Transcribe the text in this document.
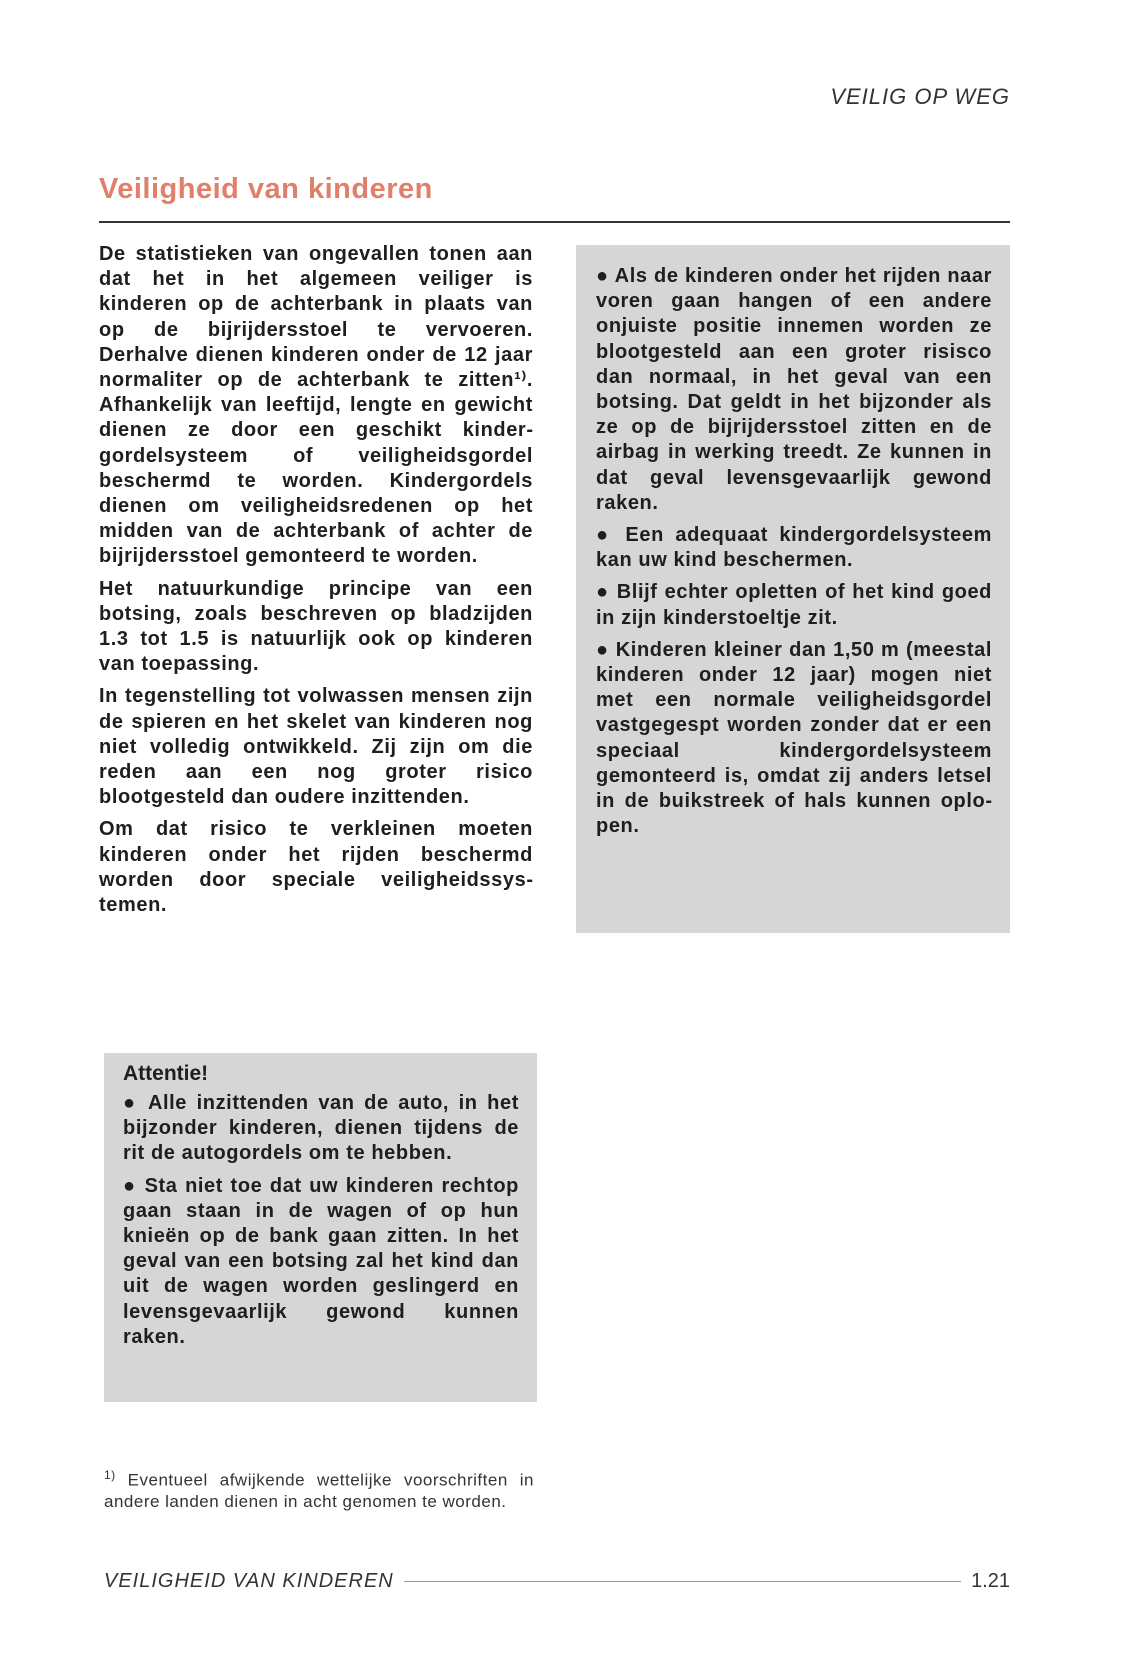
VEILIG OP WEG
Veiligheid van kinderen

De statistieken van ongevallen tonen aan dat het in het algemeen veiliger is kinderen op de achterbank in plaats van op de bijrijdersstoel te vervoeren. Derhalve dienen kinderen onder de 12 jaar normaliter op de achterbank te zitten¹⁾. Afhankelijk van leeftijd, lengte en gewicht dienen ze door een geschikt kindergordelsysteem of veiligheidsgordel beschermd te worden. Kindergordels dienen om veiligheidsredenen op het midden van de achterbank of achter de bijrijdersstoel gemonteerd te worden.

Het natuurkundige principe van een botsing, zoals beschreven op bladzijden 1.3 tot 1.5 is natuurlijk ook op kinderen van toepassing.

In tegenstelling tot volwassen mensen zijn de spieren en het skelet van kinderen nog niet volledig ontwikkeld. Zij zijn om die reden aan een nog groter risico blootgesteld dan oudere inzittenden.

Om dat risico te verkleinen moeten kinderen onder het rijden beschermd worden door speciale veiligheidssystemen.

Attentie!

● Alle inzittenden van de auto, in het bijzonder kinderen, dienen tijdens de rit de autogordels om te hebben.

● Sta niet toe dat uw kinderen rechtop gaan staan in de wagen of op hun knieën op de bank gaan zitten. In het geval van een botsing zal het kind dan uit de wagen worden geslingerd en levensgevaarlijk gewond kunnen raken.

● Als de kinderen onder het rijden naar voren gaan hangen of een andere onjuiste positie innemen worden ze blootgesteld aan een groter risisco dan normaal, in het geval van een botsing. Dat geldt in het bijzonder als ze op de bijrijdersstoel zitten en de airbag in werking treedt. Ze kunnen in dat geval levensgevaarlijk gewond raken.

● Een adequaat kindergordelsysteem kan uw kind beschermen.

● Blijf echter opletten of het kind goed in zijn kinderstoeltje zit.

● Kinderen kleiner dan 1,50 m (meestal kinderen onder 12 jaar) mogen niet met een normale veiligheidsgordel vastgegespt worden zonder dat er een speciaal kindergordelsysteem gemonteerd is, omdat zij anders letsel in de buikstreek of hals kunnen oplopen.

$^{1)}$ Eventueel afwijkende wettelijke voorschriften in andere landen dienen in acht genomen te worden.
VEILIGHEID VAN KINDEREN	1.21
